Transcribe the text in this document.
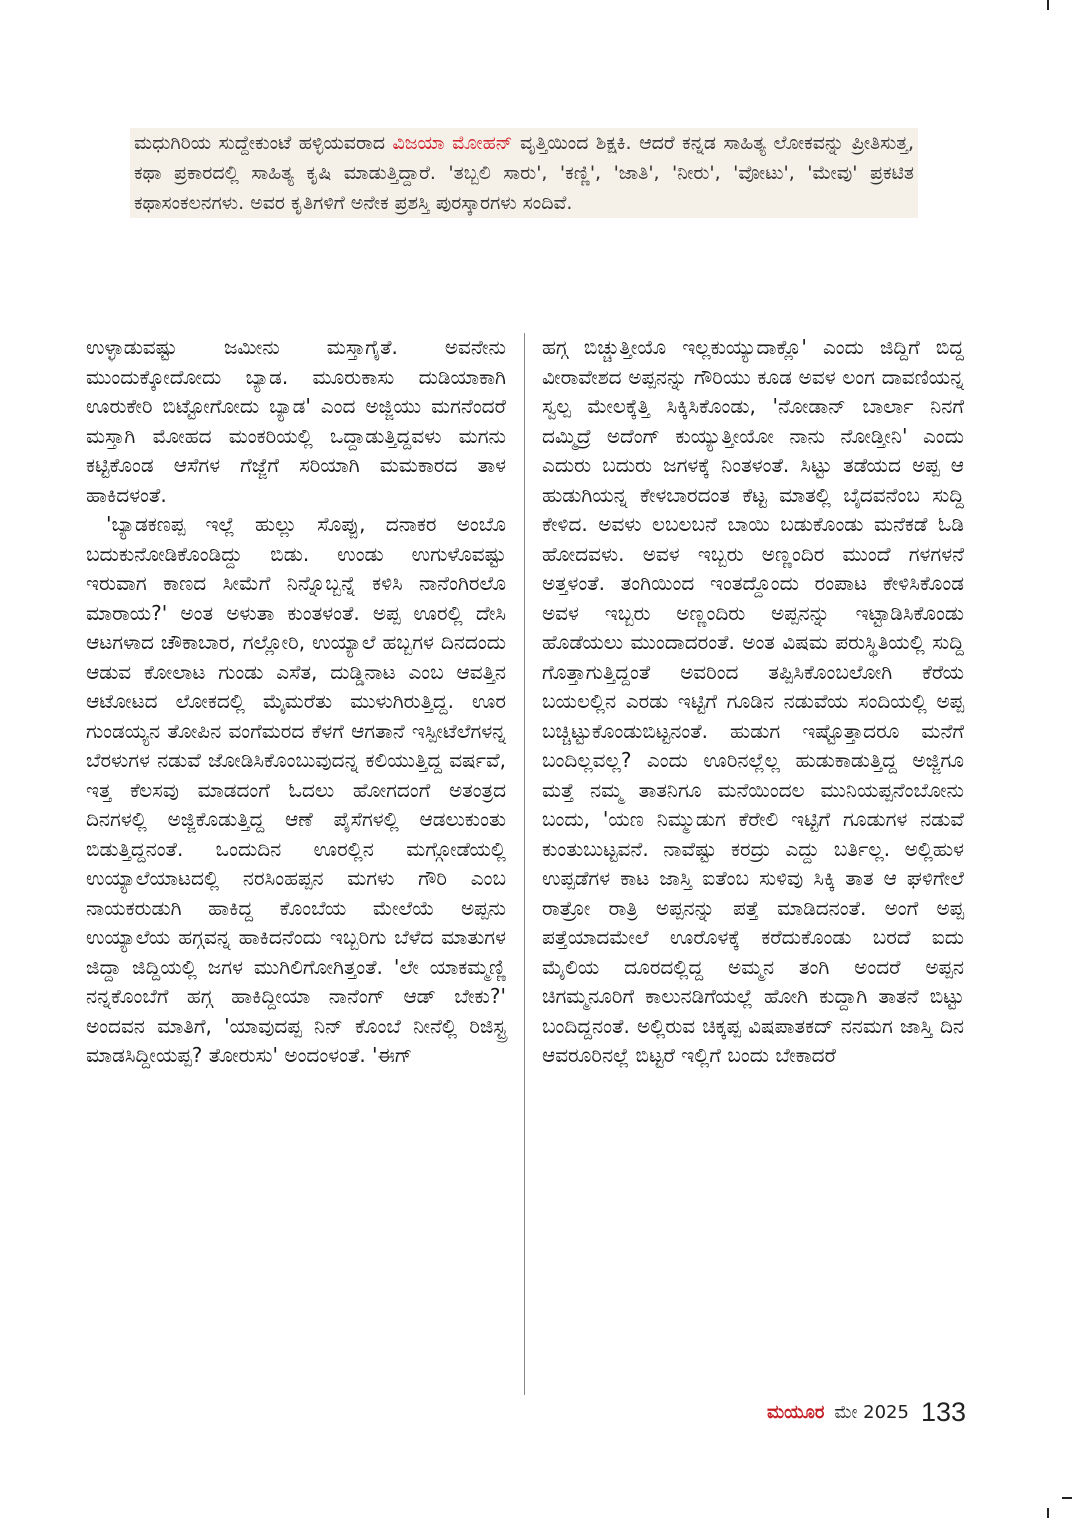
ಮಧುಗಿರಿಯ ಸುದ್ದೇಕುಂಟೆ ಹಳ್ಳಿಯವರಾದ ವಿಜಯಾ ಮೋಹನ್ ವೃತ್ತಿಯಿಂದ ಶಿಕ್ಷಕಿ. ಆದರೆ ಕನ್ನಡ ಸಾಹಿತ್ಯ ಲೋಕವನ್ನು ಪ್ರೀತಿಸುತ್ತ, ಕಥಾ ಪ್ರಕಾರದಲ್ಲಿ ಸಾಹಿತ್ಯ ಕೃಷಿ ಮಾಡುತ್ತಿದ್ದಾರೆ. 'ತಬ್ಬಲಿ ಸಾರು', 'ಕಣ್ಣಿ', 'ಜಾತಿ', 'ನೀರು', 'ವೋಟು', 'ಮೇವು' ಪ್ರಕಟಿತ ಕಥಾಸಂಕಲನಗಳು. ಅವರ ಕೃತಿಗಳಿಗೆ ಅನೇಕ ಪ್ರಶಸ್ತಿ ಪುರಸ್ಕಾರಗಳು ಸಂದಿವೆ.

ಉಳ್ಳಾಡುವಷ್ಟು ಜಮೀನು ಮಸ್ತಾಗೈತೆ. ಅವನೇನು ಮುಂದುಕ್ಕೋದೋದು ಬ್ಯಾಡ. ಮೂರುಕಾಸು ದುಡಿಯಾಕಾಗಿ ಊರುಕೇರಿ ಬಿಟ್ಟೋಗೋದು ಬ್ಯಾಡ' ಎಂದ ಅಜ್ಜಿಯು ಮಗನೆಂದರೆ ಮಸ್ತಾಗಿ ಮೋಹದ ಮಂಕರಿಯಲ್ಲಿ ಒದ್ದಾಡುತ್ತಿದ್ದವಳು ಮಗನು ಕಟ್ಟಿಕೊಂಡ ಆಸೆಗಳ ಗೆಜ್ಜೆಗೆ ಸರಿಯಾಗಿ ಮಮಕಾರದ ತಾಳ ಹಾಕಿದಳಂತೆ.

'ಬ್ಯಾಡಕಣಪ್ಪ ಇಲ್ಲೆ ಹುಲ್ಲು ಸೊಪ್ಪು, ದನಾಕರ ಅಂಬೊ ಬದುಕುನೋಡಿಕೊಂಡಿದ್ದು ಬಿಡು. ಉಂಡು ಉಗುಳೊವಷ್ಟು ಇರುವಾಗ ಕಾಣದ ಸೀಮೆಗೆ ನಿನ್ನೊಬ್ಬನ್ನೆ ಕಳಿಸಿ ನಾನೆಂಗಿರಲೊ ಮಾರಾಯ?' ಅಂತ ಅಳುತಾ ಕುಂತಳಂತೆ. ಅಪ್ಪ ಊರಲ್ಲಿ ದೇಸಿ ಆಟಗಳಾದ ಚೌಕಾಬಾರ, ಗಲ್ಲೋರಿ, ಉಯ್ಯಾಲೆ ಹಬ್ಬಗಳ ದಿನದಂದು ಆಡುವ ಕೋಲಾಟ ಗುಂಡು ಎಸೆತ, ದುಡ್ಡಿನಾಟ ಎಂಬ ಆವತ್ತಿನ ಆಟೋಟದ ಲೋಕದಲ್ಲಿ ಮೈಮರೆತು ಮುಳುಗಿರುತ್ತಿದ್ದ. ಊರ ಗುಂಡಯ್ಯನ ತೋಪಿನ ವಂಗೆಮರದ ಕೆಳಗೆ ಆಗತಾನೆ ಇಸ್ಪೀಟೆಲೆಗಳನ್ನ ಬೆರಳುಗಳ ನಡುವೆ ಜೋಡಿಸಿಕೊಂಬುವುದನ್ನ ಕಲಿಯುತ್ತಿದ್ದ ವರ್ಷವೆ, ಇತ್ತ ಕೆಲಸವು ಮಾಡದಂಗೆ ಓದಲು ಹೋಗದಂಗೆ ಅತಂತ್ರದ ದಿನಗಳಲ್ಲಿ ಅಜ್ಜಿಕೊಡುತ್ತಿದ್ದ ಆಣೆ ಪೈಸೆಗಳಲ್ಲಿ ಆಡಲುಕುಂತು ಬಿಡುತ್ತಿದ್ದನಂತೆ. ಒಂದುದಿನ ಊರಲ್ಲಿನ ಮಗ್ಗೋಡೆಯಲ್ಲಿ ಉಯ್ಯಾಲೆಯಾಟದಲ್ಲಿ ನರಸಿಂಹಪ್ಪನ ಮಗಳು ಗೌರಿ ಎಂಬ ನಾಯಕರುಡುಗಿ ಹಾಕಿದ್ದ ಕೊಂಬೆಯ ಮೇಲೆಯೆ ಅಪ್ಪನು ಉಯ್ಯಾಲೆಯ ಹಗ್ಗವನ್ನ ಹಾಕಿದನೆಂದು ಇಬ್ಬರಿಗು ಬೆಳೆದ ಮಾತುಗಳ ಜಿದ್ದಾ ಜಿದ್ದಿಯಲ್ಲಿ ಜಗಳ ಮುಗಿಲಿಗೋಗಿತ್ತಂತೆ. 'ಲೇ ಯಾಕಮ್ಮಣ್ಣಿ ನನ್ನಕೊಂಬೆಗೆ ಹಗ್ಗ ಹಾಕಿದ್ದೀಯಾ ನಾನೆಂಗ್ ಆಡ್ ಬೇಕು?' ಅಂದವನ ಮಾತಿಗೆ, 'ಯಾವುದಪ್ಪ ನಿನ್ ಕೊಂಬೆ ನೀನೆಲ್ಲಿ ರಿಜಿಸ್ಟ್ರ ಮಾಡಸಿದ್ದೀಯಪ್ಪ? ತೋರುಸು' ಅಂದಂಳಂತೆ. 'ಈಗ್

ಹಗ್ಗ ಬಿಚ್ಚುತ್ತೀಯೊ ಇಲ್ಲಕುಯ್ಯುದಾಕ್ಲೊ' ಎಂದು ಜಿದ್ದಿಗೆ ಬಿದ್ದ ವೀರಾವೇಶದ ಅಪ್ಪನನ್ನು ಗೌರಿಯು ಕೂಡ ಅವಳ ಲಂಗ ದಾವಣಿಯನ್ನ ಸ್ವಲ್ಪ ಮೇಲಕ್ಕೆತ್ತಿ ಸಿಕ್ಕಿಸಿಕೊಂಡು, 'ನೋಡಾನ್ ಬಾರ್ಲಾ ನಿನಗೆ ದಮ್ಮಿದ್ರೆ ಅದೆಂಗ್ ಕುಯ್ಯುತ್ತೀಯೋ ನಾನು ನೋಡ್ತೀನಿ' ಎಂದು ಎದುರು ಬದುರು ಜಗಳಕ್ಕೆ ನಿಂತಳಂತೆ. ಸಿಟ್ಟು ತಡೆಯದ ಅಪ್ಪ ಆ ಹುಡುಗಿಯನ್ನ ಕೇಳಬಾರದಂತ ಕೆಟ್ಟ ಮಾತಲ್ಲಿ ಬೈದವನೆಂಬ ಸುದ್ದಿ ಕೇಳಿದ. ಅವಳು ಲಬಲಬನೆ ಬಾಯಿ ಬಡುಕೊಂಡು ಮನೆಕಡೆ ಓಡಿ ಹೋದವಳು. ಅವಳ ಇಬ್ಬರು ಅಣ್ಣಂದಿರ ಮುಂದೆ ಗಳಗಳನೆ ಅತ್ತಳಂತೆ. ತಂಗಿಯಿಂದ ಇಂತದ್ದೊಂದು ರಂಪಾಟ ಕೇಳಿಸಿಕೊಂಡ ಅವಳ ಇಬ್ಬರು ಅಣ್ಣಂದಿರು ಅಪ್ಪನನ್ನು ಇಟ್ಟಾಡಿಸಿಕೊಂಡು ಹೊಡೆಯಲು ಮುಂದಾದರಂತೆ. ಅಂತ ವಿಷಮ ಪರುಸ್ಥಿತಿಯಲ್ಲಿ ಸುದ್ದಿ ಗೊತ್ತಾಗುತ್ತಿದ್ದಂತೆ ಅವರಿಂದ ತಪ್ಪಿಸಿಕೊಂಬಲೋಗಿ ಕೆರೆಯ ಬಯಲಲ್ಲಿನ ಎರಡು ಇಟ್ಟಿಗೆ ಗೂಡಿನ ನಡುವೆಯ ಸಂದಿಯಲ್ಲಿ ಅಪ್ಪ ಬಚ್ಚಿಟ್ಟುಕೊಂಡುಬಿಟ್ಟನಂತೆ. ಹುಡುಗ ಇಷ್ಟೊತ್ತಾದರೂ ಮನೆಗೆ ಬಂದಿಲ್ಲವಲ್ಲ? ಎಂದು ಊರಿನಲ್ಲೆಲ್ಲ ಹುಡುಕಾಡುತ್ತಿದ್ದ ಅಜ್ಜಿಗೂ ಮತ್ತೆ ನಮ್ಮ ತಾತನಿಗೂ ಮನೆಯಿಂದಲ ಮುನಿಯಪ್ಪನೆಂಬೋನು ಬಂದು, 'ಯಣ ನಿಮ್ಮುಡುಗ ಕೆರೇಲಿ ಇಟ್ಟಿಗೆ ಗೂಡುಗಳ ನಡುವೆ ಕುಂತುಬುಟ್ಟವನೆ. ನಾವೆಷ್ಟು ಕರದ್ರು ಎದ್ದು ಬರ್ತಿಲ್ಲ. ಅಲ್ಲಿಹುಳ ಉಪ್ಪಡೆಗಳ ಕಾಟ ಜಾಸ್ತಿ ಐತೆಂಬ ಸುಳಿವು ಸಿಕ್ಕಿ ತಾತ ಆ ಘಳಿಗೇಲೆ ರಾತ್ರೋ ರಾತ್ರಿ ಅಪ್ಪನನ್ನು ಪತ್ತೆ ಮಾಡಿದನಂತೆ. ಅಂಗೆ ಅಪ್ಪ ಪತ್ತೆಯಾದಮೇಲೆ ಊರೊಳಕ್ಕೆ ಕರೆದುಕೊಂಡು ಬರದೆ ಐದು ಮೈಲಿಯ ದೂರದಲ್ಲಿದ್ದ ಅಮ್ಮನ ತಂಗಿ ಅಂದರೆ ಅಪ್ಪನ ಚಿಗಮ್ಮನೂರಿಗೆ ಕಾಲುನಡಿಗೆಯಲ್ಲೆ ಹೋಗಿ ಕುದ್ದಾಗಿ ತಾತನೆ ಬಿಟ್ಟು ಬಂದಿದ್ದನಂತೆ. ಅಲ್ಲಿರುವ ಚಿಕ್ಕಪ್ಪ ವಿಷಪಾತಕದ್ ನನಮಗ ಜಾಸ್ತಿ ದಿನ ಆವರೂರಿನಲ್ಲೆ ಬಿಟ್ಟರೆ ಇಲ್ಲಿಗೆ ಬಂದು ಬೇಕಾದರೆ

ಮಯೂರ ಮೇ 2025 133
